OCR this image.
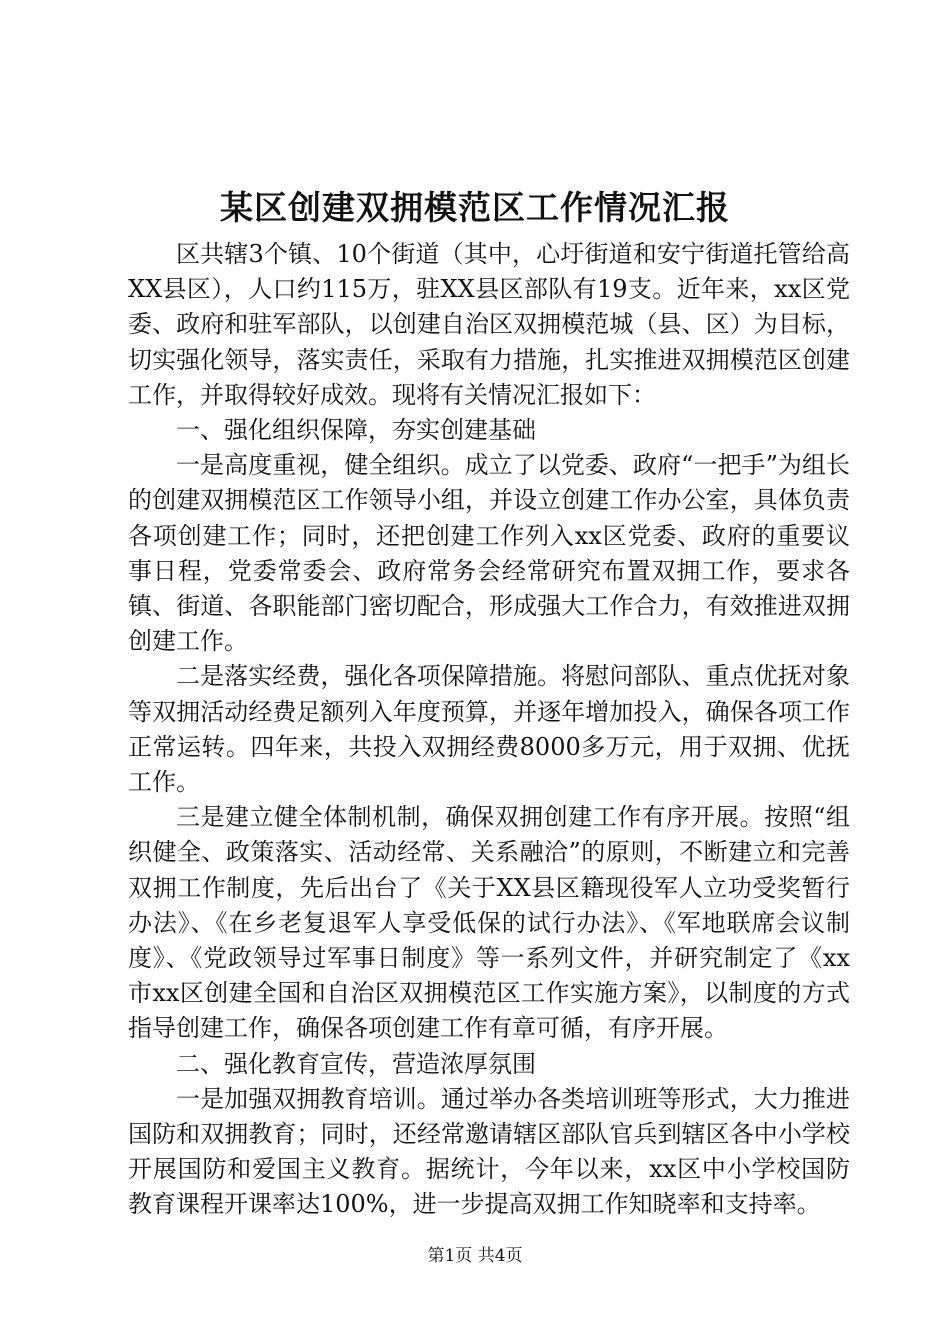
某区创建双拥模范区工作情况汇报

区共辖3个镇、10个街道（其中，心圩街道和安宁街道托管给高XX县区），人口约115万，驻XX县区部队有19支。近年来，xx区党委、政府和驻军部队，以创建自治区双拥模范城（县、区）为目标，切实强化领导，落实责任，采取有力措施，扎实推进双拥模范区创建工作，并取得较好成效。现将有关情况汇报如下：

一、强化组织保障，夯实创建基础

一是高度重视，健全组织。成立了以党委、政府“一把手”为组长的创建双拥模范区工作领导小组，并设立创建工作办公室，具体负责各项创建工作；同时，还把创建工作列入xx区党委、政府的重要议事日程，党委常委会、政府常务会经常研究布置双拥工作，要求各镇、街道、各职能部门密切配合，形成强大工作合力，有效推进双拥创建工作。

二是落实经费，强化各项保障措施。将慰问部队、重点优抚对象等双拥活动经费足额列入年度预算，并逐年增加投入，确保各项工作正常运转。四年来，共投入双拥经费8000多万元，用于双拥、优抚工作。

三是建立健全体制机制，确保双拥创建工作有序开展。按照“组织健全、政策落实、活动经常、关系融洽”的原则，不断建立和完善双拥工作制度，先后出台了《关于XX县区籍现役军人立功受奖暂行办法》、《在乡老复退军人享受低保的试行办法》、《军地联席会议制度》、《党政领导过军事日制度》等一系列文件，并研究制定了《xx市xx区创建全国和自治区双拥模范区工作实施方案》，以制度的方式指导创建工作，确保各项创建工作有章可循，有序开展。

二、强化教育宣传，营造浓厚氛围

一是加强双拥教育培训。通过举办各类培训班等形式，大力推进国防和双拥教育；同时，还经常邀请辖区部队官兵到辖区各中小学校开展国防和爱国主义教育。据统计，今年以来，xx区中小学校国防教育课程开课率达100%，进一步提高双拥工作知晓率和支持率。

第1页 共4页
